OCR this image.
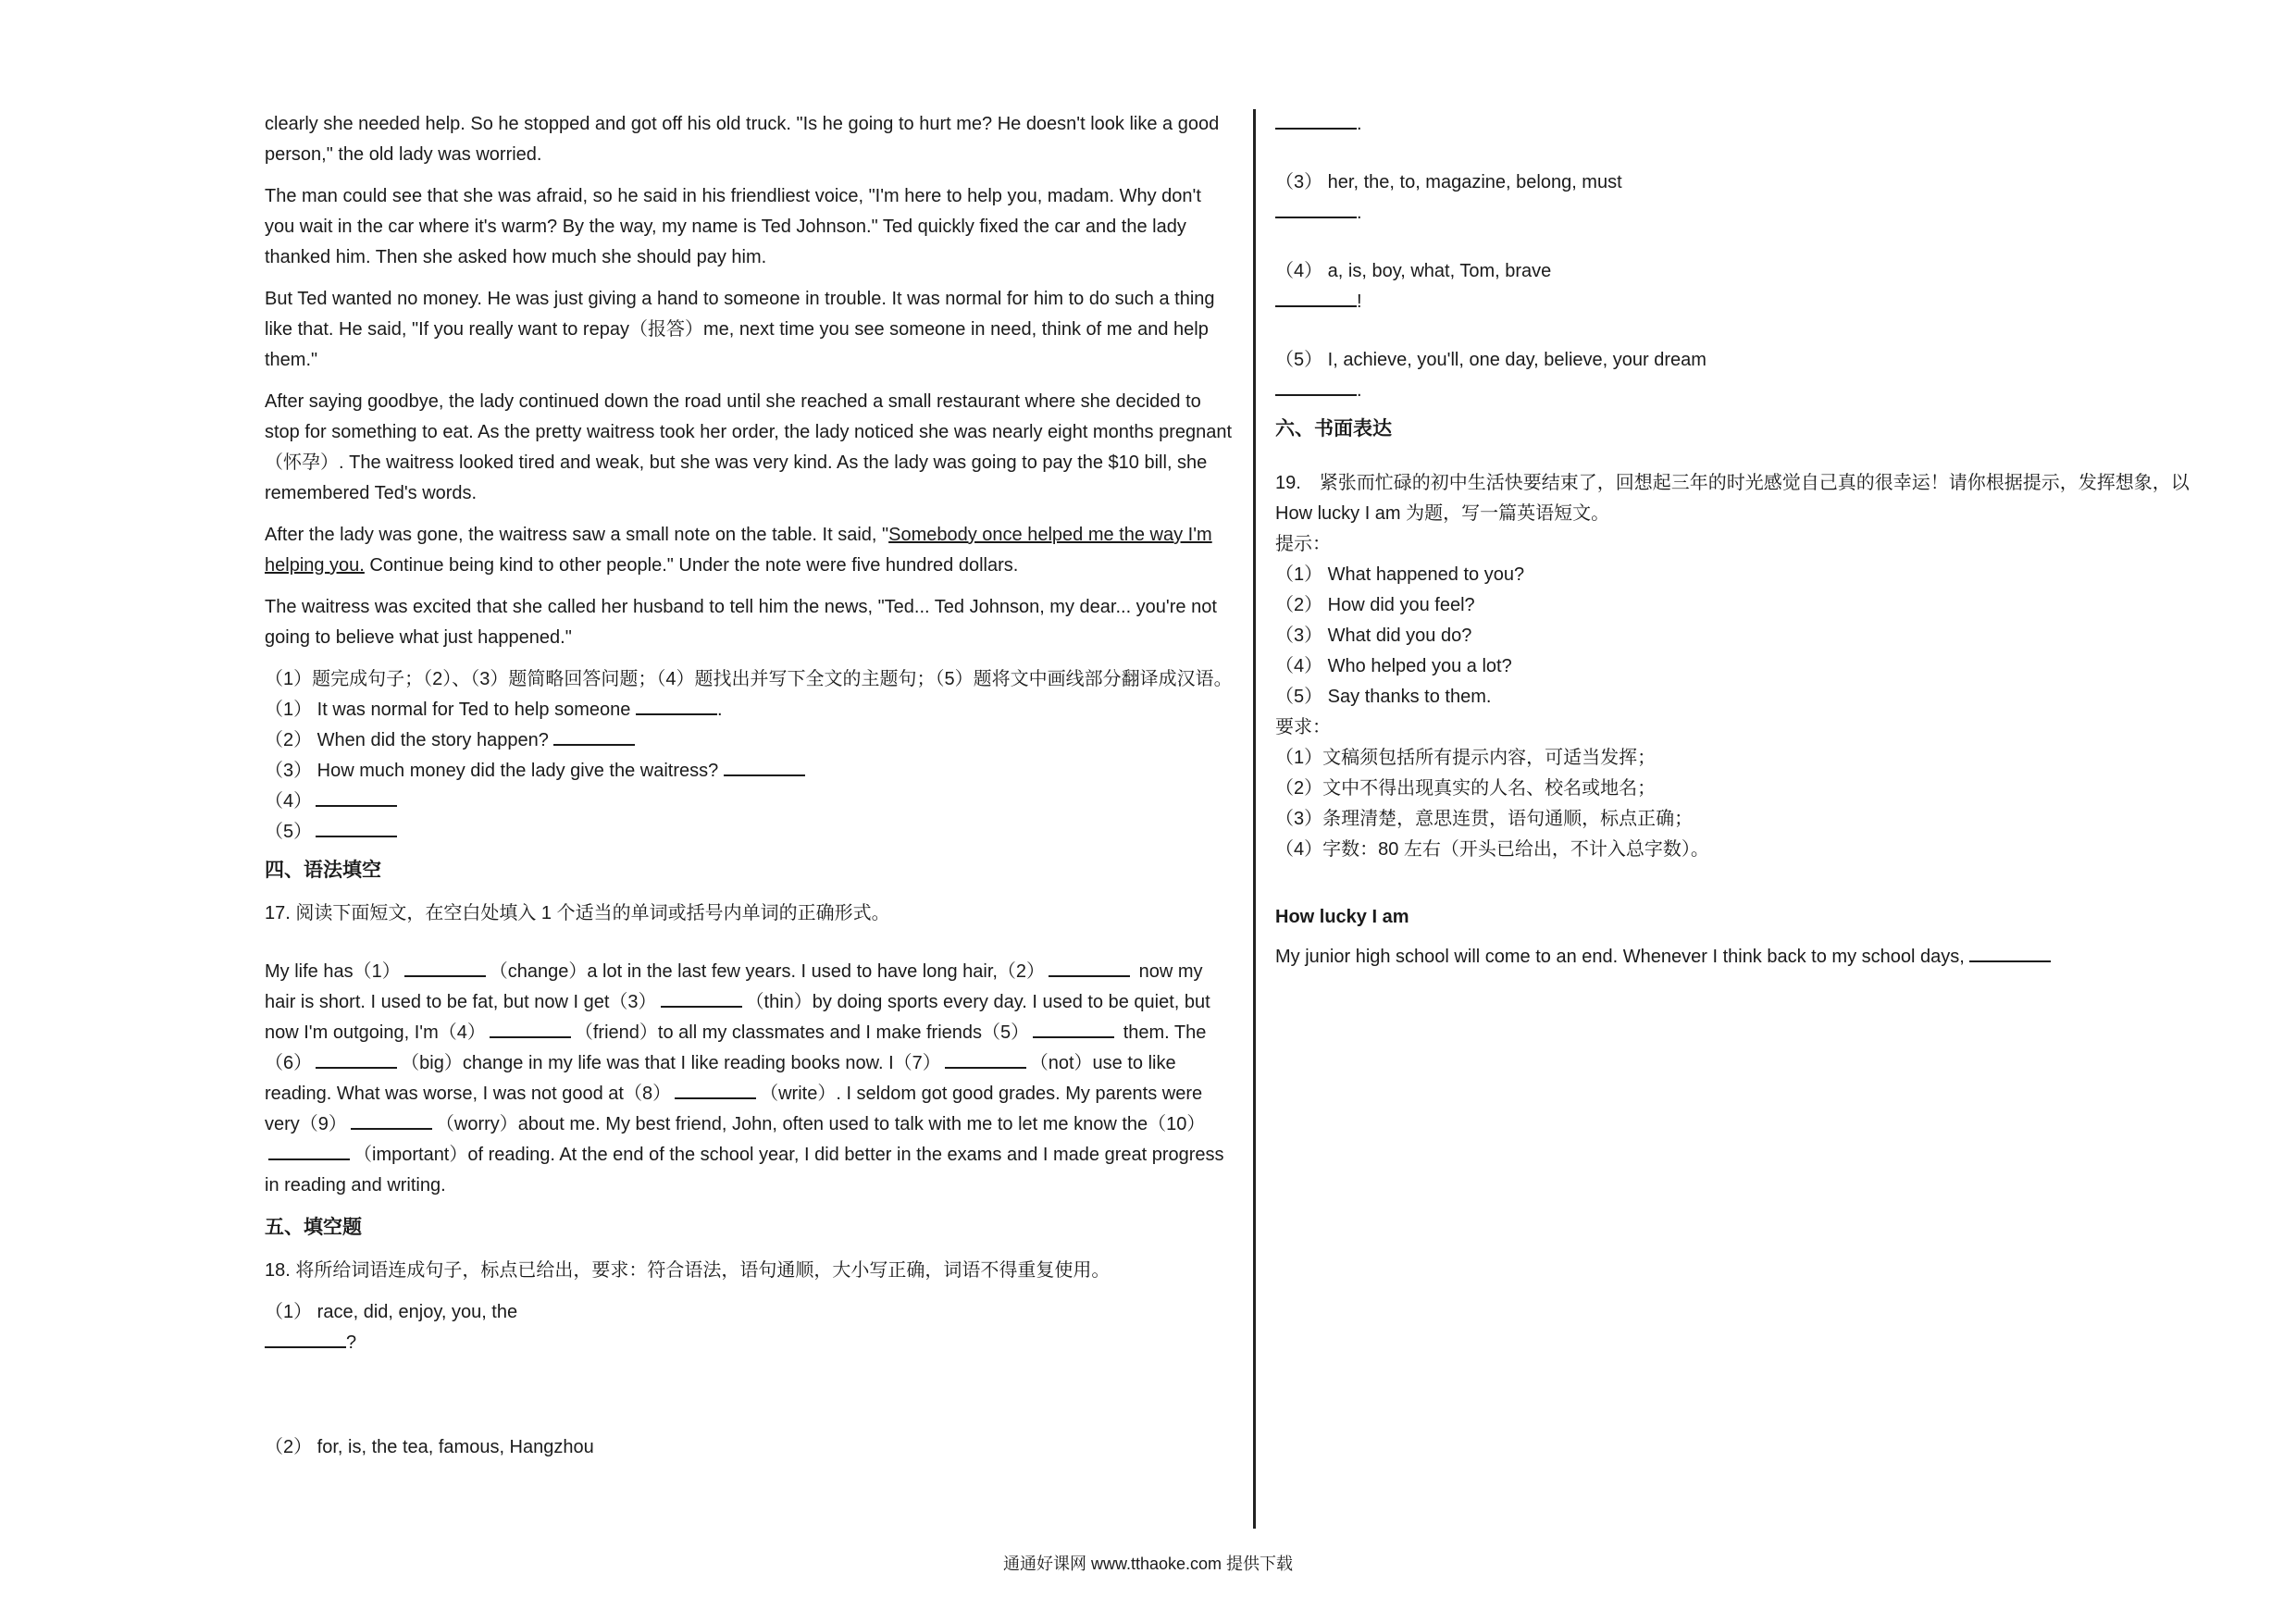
clearly she needed help. So he stopped and got off his old truck. "Is he going to hurt me? He doesn't look like a good person," the old lady was worried.

The man could see that she was afraid, so he said in his friendliest voice, "I'm here to help you, madam. Why don't you wait in the car where it's warm? By the way, my name is Ted Johnson." Ted quickly fixed the car and the lady thanked him. Then she asked how much she should pay him.

But Ted wanted no money. He was just giving a hand to someone in trouble. It was normal for him to do such a thing like that. He said, "If you really want to repay（报答）me, next time you see someone in need, think of me and help them."

After saying goodbye, the lady continued down the road until she reached a small restaurant where she decided to stop for something to eat. As the pretty waitress took her order, the lady noticed she was nearly eight months pregnant（怀孕）. The waitress looked tired and weak, but she was very kind. As the lady was going to pay the $10 bill, she remembered Ted's words.

After the lady was gone, the waitress saw a small note on the table. It said, "Somebody once helped me the way I'm helping you. Continue being kind to other people." Under the note were five hundred dollars.

The waitress was excited that she called her husband to tell him the news, "Ted... Ted Johnson, my dear... you're not going to believe what just happened."

（1）题完成句子；（2）、（3）题简略回答问题；（4）题找出并写下全文的主题句；（5）题将文中画线部分翻译成汉语。

（1） It was normal for Ted to help someone	.

（2） When did the story happen?

（3） How much money did the lady give the waitress?

（4）

（5）

四、语法填空

17. 阅读下面短文，在空白处填入 1 个适当的单词或括号内单词的正确形式。

My life has（1）	（change）a lot in the last few years. I used to have long hair,（2）	now my hair is short. I used to be fat, but now I get（3）	（thin）by doing sports every day. I used to be quiet, but now I'm outgoing, I'm（4）	（friend）to all my classmates and I make friends（5）	them. The（6）	（big）change in my life was that I like reading books now. I（7）	（not）use to like reading. What was worse, I was not good at（8）	（write）. I seldom got good grades. My parents were very（9）	（worry）about me. My best friend, John, often used to talk with me to let me know the（10）（important）of reading. At the end of the school year, I did better in the exams and I made great progress in reading and writing.

五、填空题

18. 将所给词语连成句子，标点已给出，要求：符合语法，语句通顺，大小写正确，词语不得重复使用。

（1） race, did, enjoy, you, the

?

（2） for, is, the tea, famous, Hangzhou

.

（3） her, the, to, magazine, belong, must

.

（4） a, is, boy, what, Tom, brave

!

（5） I, achieve, you'll, one day, believe, your dream

.

六、书面表达

19.　紧张而忙碌的初中生活快要结束了，回想起三年的时光感觉自己真的很幸运！请你根据提示，发挥想象，以 How lucky I am 为题，写一篇英语短文。

提示：

（1） What happened to you?

（2） How did you feel?

（3） What did you do?

（4） Who helped you a lot?

（5） Say thanks to them.

要求：

（1）文稿须包括所有提示内容，可适当发挥；

（2）文中不得出现真实的人名、校名或地名；

（3）条理清楚，意思连贯，语句通顺，标点正确；

（4）字数：80 左右（开头已给出，不计入总字数）。

How lucky I am

My junior high school will come to an end. Whenever I think back to my school days,

通通好课网 www.tthaoke.com 提供下载
